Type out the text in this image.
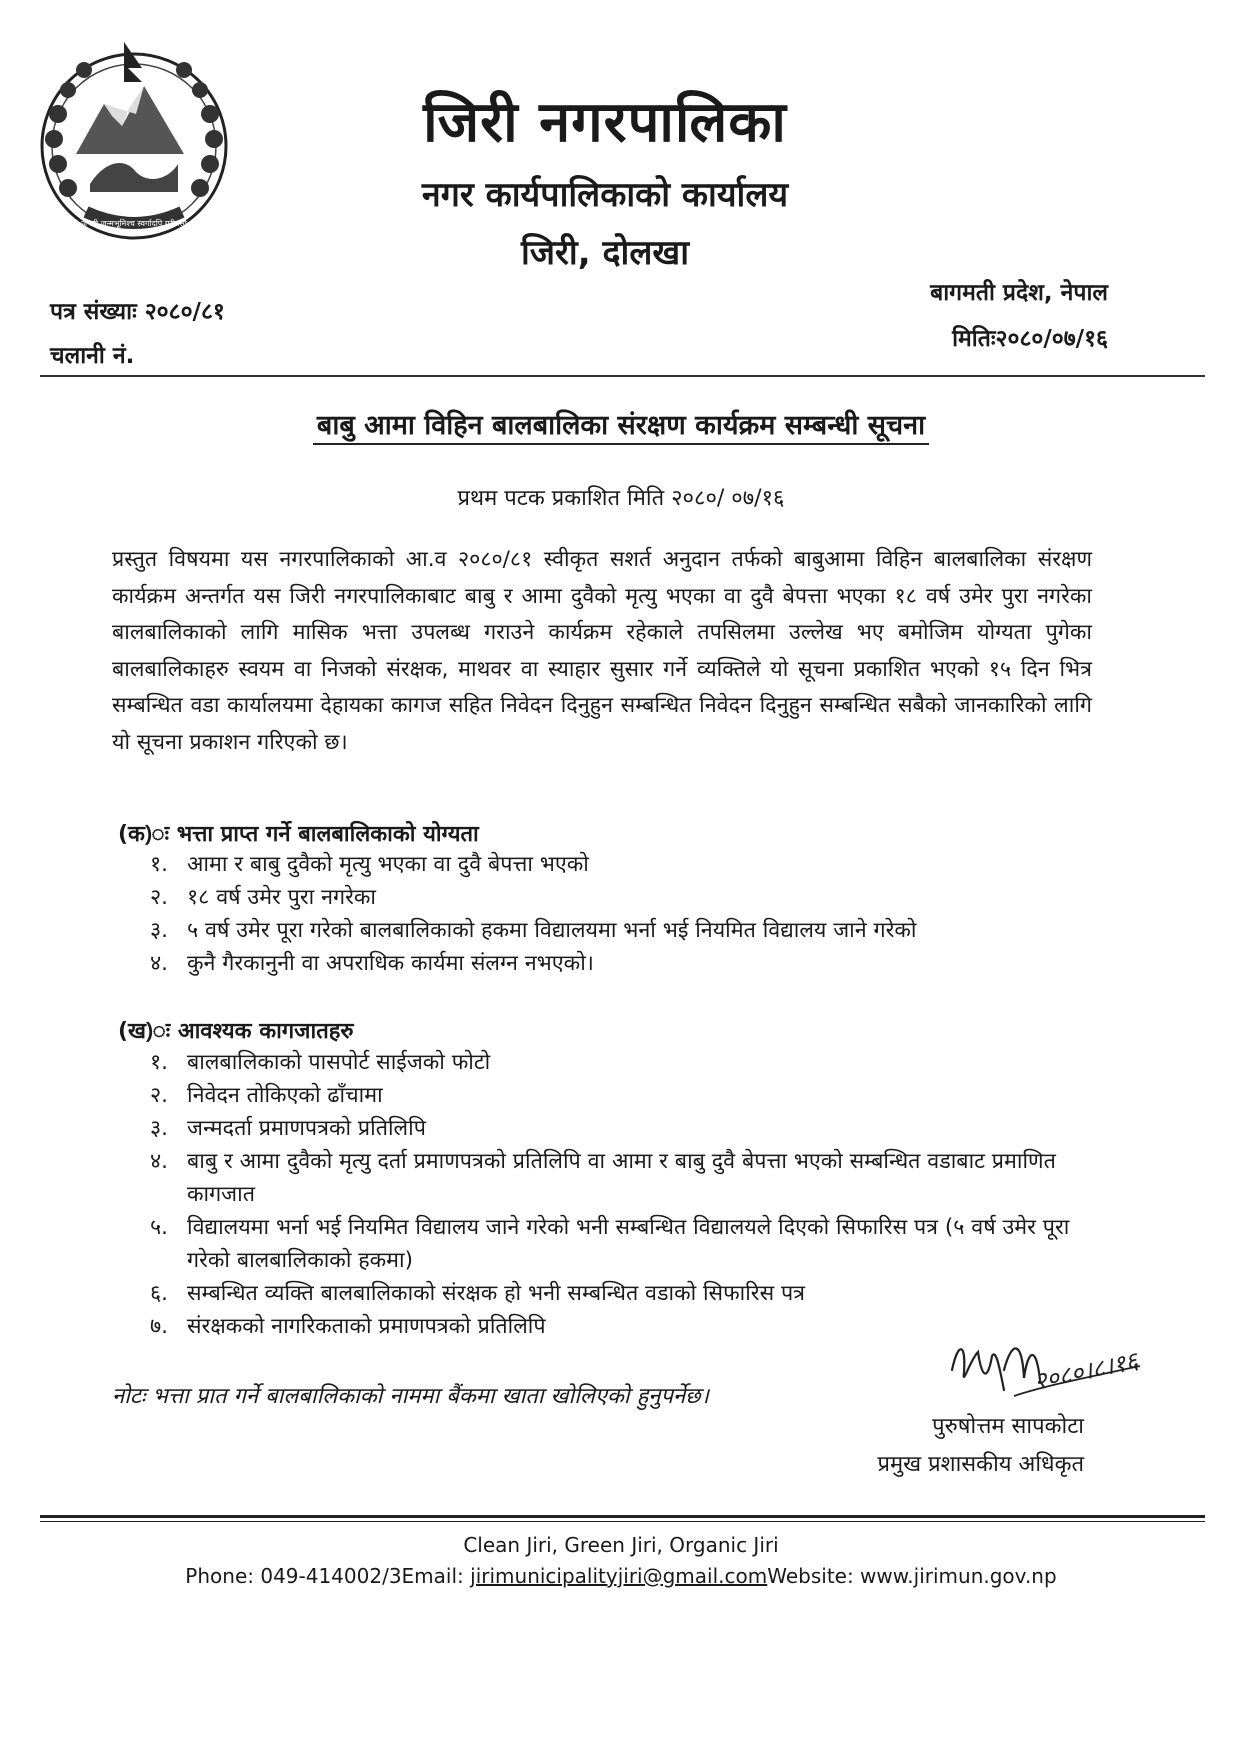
जननी जन्मभूमिश्च स्वर्गादपि गरीयसी
जिरी नगरपालिका
नगर कार्यपालिकाको कार्यालय
जिरी, दोलखा
पत्र संख्याः २०८०/८१
चलानी नं.
बागमती प्रदेश, नेपाल
मितिः२०८०/०७/१६
बाबु आमा विहिन बालबालिका संरक्षण कार्यक्रम सम्बन्धी सूचना
प्रथम पटक प्रकाशित मिति २०८०/ ०७/१६
प्रस्तुत विषयमा यस नगरपालिकाको आ.व २०८०/८१ स्वीकृत सशर्त अनुदान तर्फको बाबुआमा विहिन बालबालिका संरक्षण कार्यक्रम अन्तर्गत यस जिरी नगरपालिकाबाट बाबु र आमा दुवैको मृत्यु भएका वा दुवै बेपत्ता भएका १८ वर्ष उमेर पुरा नगरेका बालबालिकाको लागि मासिक भत्ता उपलब्ध गराउने कार्यक्रम रहेकाले तपसिलमा उल्लेख भए बमोजिम योग्यता पुगेका बालबालिकाहरु स्वयम वा निजको संरक्षक, माथवर वा स्याहार सुसार गर्ने व्यक्तिले यो सूचना प्रकाशित भएको १५ दिन भित्र सम्बन्धित वडा कार्यालयमा देहायका कागज सहित निवेदन दिनुहुन सम्बन्धित निवेदन दिनुहुन सम्बन्धित सबैको जानकारिको लागि यो सूचना प्रकाशन गरिएको छ।
(क)ः भत्ता प्राप्त गर्ने बालबालिकाको योग्यता
१. आमा र बाबु दुवैको मृत्यु भएका वा दुवै बेपत्ता भएको
२. १८ वर्ष उमेर पुरा नगरेका
३. ५ वर्ष उमेर पूरा गरेको बालबालिकाको हकमा विद्यालयमा भर्ना भई नियमित विद्यालय जाने गरेको
४. कुनै गैरकानुनी वा अपराधिक कार्यमा संलग्न नभएको।
(ख)ः आवश्यक कागजातहरु
१. बालबालिकाको पासपोर्ट साईजको फोटो
२. निवेदन तोकिएको ढाँचामा
३. जन्मदर्ता प्रमाणपत्रको प्रतिलिपि
४. बाबु र आमा दुवैको मृत्यु दर्ता प्रमाणपत्रको प्रतिलिपि वा आमा र बाबु दुवै बेपत्ता भएको सम्बन्धित वडाबाट प्रमाणित कागजात
५. विद्यालयमा भर्ना भई नियमित विद्यालय जाने गरेको भनी सम्बन्धित विद्यालयले दिएको सिफारिस पत्र (५ वर्ष उमेर पूरा गरेको बालबालिकाको हकमा)
६. सम्बन्धित व्यक्ति बालबालिकाको संरक्षक हो भनी सम्बन्धित वडाको सिफारिस पत्र
७. संरक्षकको नागरिकताको प्रमाणपत्रको प्रतिलिपि
नोटः भत्ता प्रात गर्ने बालबालिकाको नाममा बैंकमा खाता खोलिएको हुनुपर्नेछ।
२०८०।८।१६
पुरुषोत्तम सापकोटा
प्रमुख प्रशासकीय अधिकृत
Clean Jiri, Green Jiri, Organic Jiri
Phone: 049-414002/3Email: jirimunicipalityjiri@gmail.comWebsite: www.jirimun.gov.np
